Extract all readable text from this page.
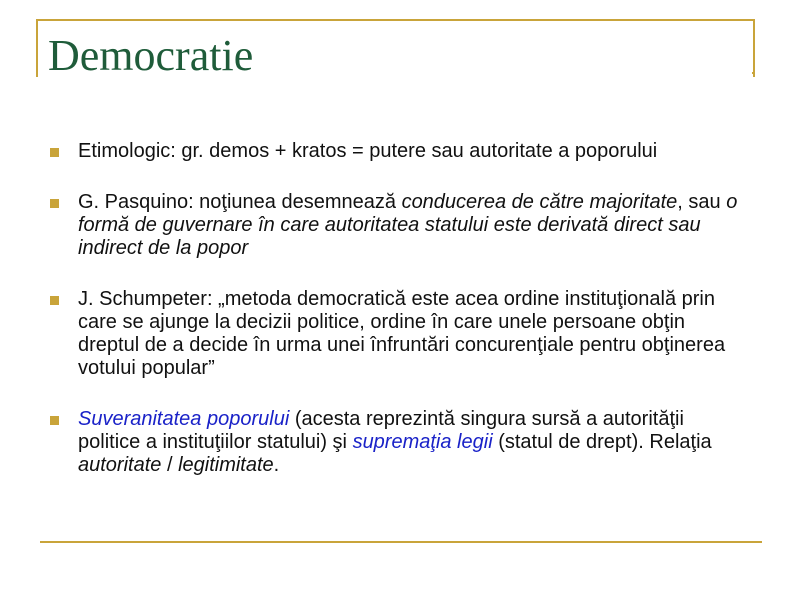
Democratie
Etimologic: gr. demos + kratos = putere sau autoritate a poporului
G. Pasquino: noţiunea desemnează conducerea de către majoritate, sau o formă de guvernare în care autoritatea statului este derivată direct sau indirect de la popor
J. Schumpeter: „metoda democratică este acea ordine instituţională prin care se ajunge la decizii politice, ordine în care unele persoane obţin dreptul de a decide în urma unei înfruntări concurenţiale pentru obţinerea votului popular”
Suveranitatea poporului (acesta reprezintă singura sursă a autorităţii politice a instituţiilor statului) şi supremaţia legii (statul de drept). Relaţia autoritate / legitimitate.
